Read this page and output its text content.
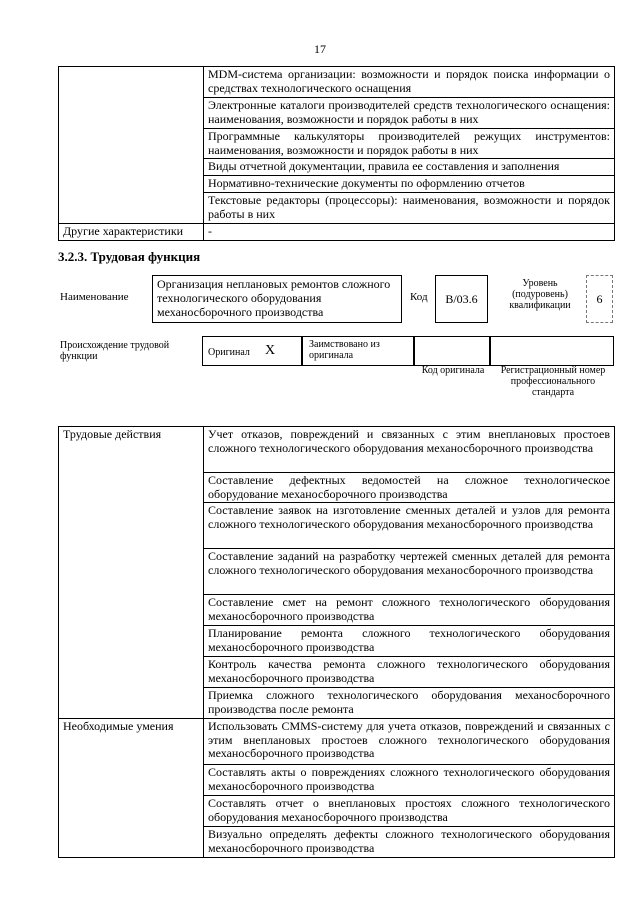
17
	MDM-система организации: возможности и порядок поиска информации о средствах технологического оснащения
	Электронные каталоги производителей средств технологического оснащения: наименования, возможности и порядок работы в них
	Программные калькуляторы производителей режущих инструментов: наименования, возможности и порядок работы в них
	Виды отчетной документации, правила ее составления и заполнения
	Нормативно-технические документы по оформлению отчетов
	Текстовые редакторы (процессоры): наименования, возможности и порядок работы в них
Другие характеристики	-
3.2.3. Трудовая функция
Наименование
Организация неплановых ремонтов сложного технологического оборудования механосборочного производства
Код	B/03.6
Уровень (подуровень) квалификации	6
Происхождение трудовой функции	Оригинал X	Заимствовано из оригинала
Код оригинала	Регистрационный номер профессионального стандарта
Трудовые действия	Учет отказов, повреждений и связанных с этим внеплановых простоев сложного технологического оборудования механосборочного производства
	Составление дефектных ведомостей на сложное технологическое оборудование механосборочного производства
	Составление заявок на изготовление сменных деталей и узлов для ремонта сложного технологического оборудования механосборочного производства
	Составление заданий на разработку чертежей сменных деталей для ремонта сложного технологического оборудования механосборочного производства
	Составление смет на ремонт сложного технологического оборудования механосборочного производства
	Планирование ремонта сложного технологического оборудования механосборочного производства
	Контроль качества ремонта сложного технологического оборудования механосборочного производства
	Приемка сложного технологического оборудования механосборочного производства после ремонта
Необходимые умения	Использовать CMMS-систему для учета отказов, повреждений и связанных с этим внеплановых простоев сложного технологического оборудования механосборочного производства
	Составлять акты о повреждениях сложного технологического оборудования механосборочного производства
	Составлять отчет о внеплановых простоях сложного технологического оборудования механосборочного производства
	Визуально определять дефекты сложного технологического оборудования механосборочного производства
